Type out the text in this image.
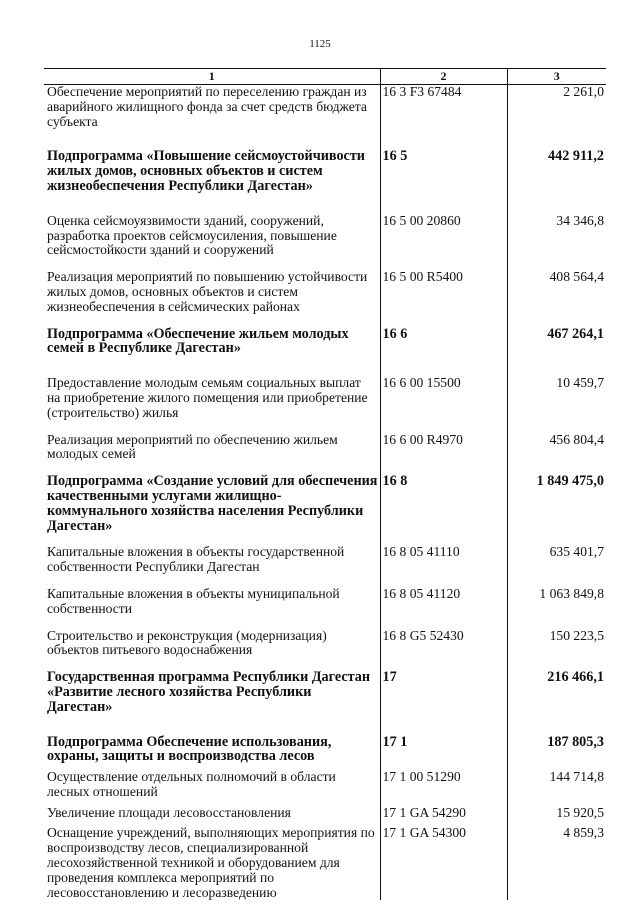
1125
1	2	3
Обеспечение мероприятий по переселению граждан из аварийного жилищного фонда за счет средств бюджета субъекта	16 3 F3 67484	2 261,0

Подпрограмма «Повышение сейсмоустойчивости жилых домов, основных объектов и систем жизнеобеспечения Республики Дагестан»	16 5	442 911,2

Оценка сейсмоуязвимости зданий, сооружений, разработка проектов сейсмоусиления, повышение сейсмостойкости зданий и сооружений	16 5 00 20860	34 346,8

Реализация мероприятий по повышению устойчивости жилых домов, основных объектов и систем жизнеобеспечения в сейсмических районах	16 5 00 R5400	408 564,4

Подпрограмма «Обеспечение жильем молодых семей в Республике Дагестан»	16 6	467 264,1

Предоставление молодым семьям социальных выплат на приобретение жилого помещения или приобретение (строительство) жилья	16 6 00 15500	10 459,7

Реализация мероприятий по обеспечению жильем молодых семей	16 6 00 R4970	456 804,4

Подпрограмма «Создание условий для обеспечения качественными услугами жилищно-коммунального хозяйства населения Республики Дагестан»	16 8	1 849 475,0

Капитальные вложения в объекты государственной собственности Республики Дагестан	16 8 05 41110	635 401,7

Капитальные вложения в объекты муниципальной собственности	16 8 05 41120	1 063 849,8

Строительство и реконструкция (модернизация) объектов питьевого водоснабжения	16 8 G5 52430	150 223,5

Государственная программа Республики Дагестан «Развитие лесного хозяйства Республики Дагестан»	17	216 466,1

Подпрограмма Обеспечение использования, охраны, защиты и воспроизводства лесов	17 1	187 805,3

Осуществление отдельных полномочий в области лесных отношений	17 1 00 51290	144 714,8

Увеличение площади лесовосстановления	17 1 GA 54290	15 920,5

Оснащение учреждений, выполняющих мероприятия по воспроизводству лесов, специализированной лесохозяйственной техникой и оборудованием для проведения комплекса мероприятий по лесовосстановлению и лесоразведению	17 1 GA 54300	4 859,3
